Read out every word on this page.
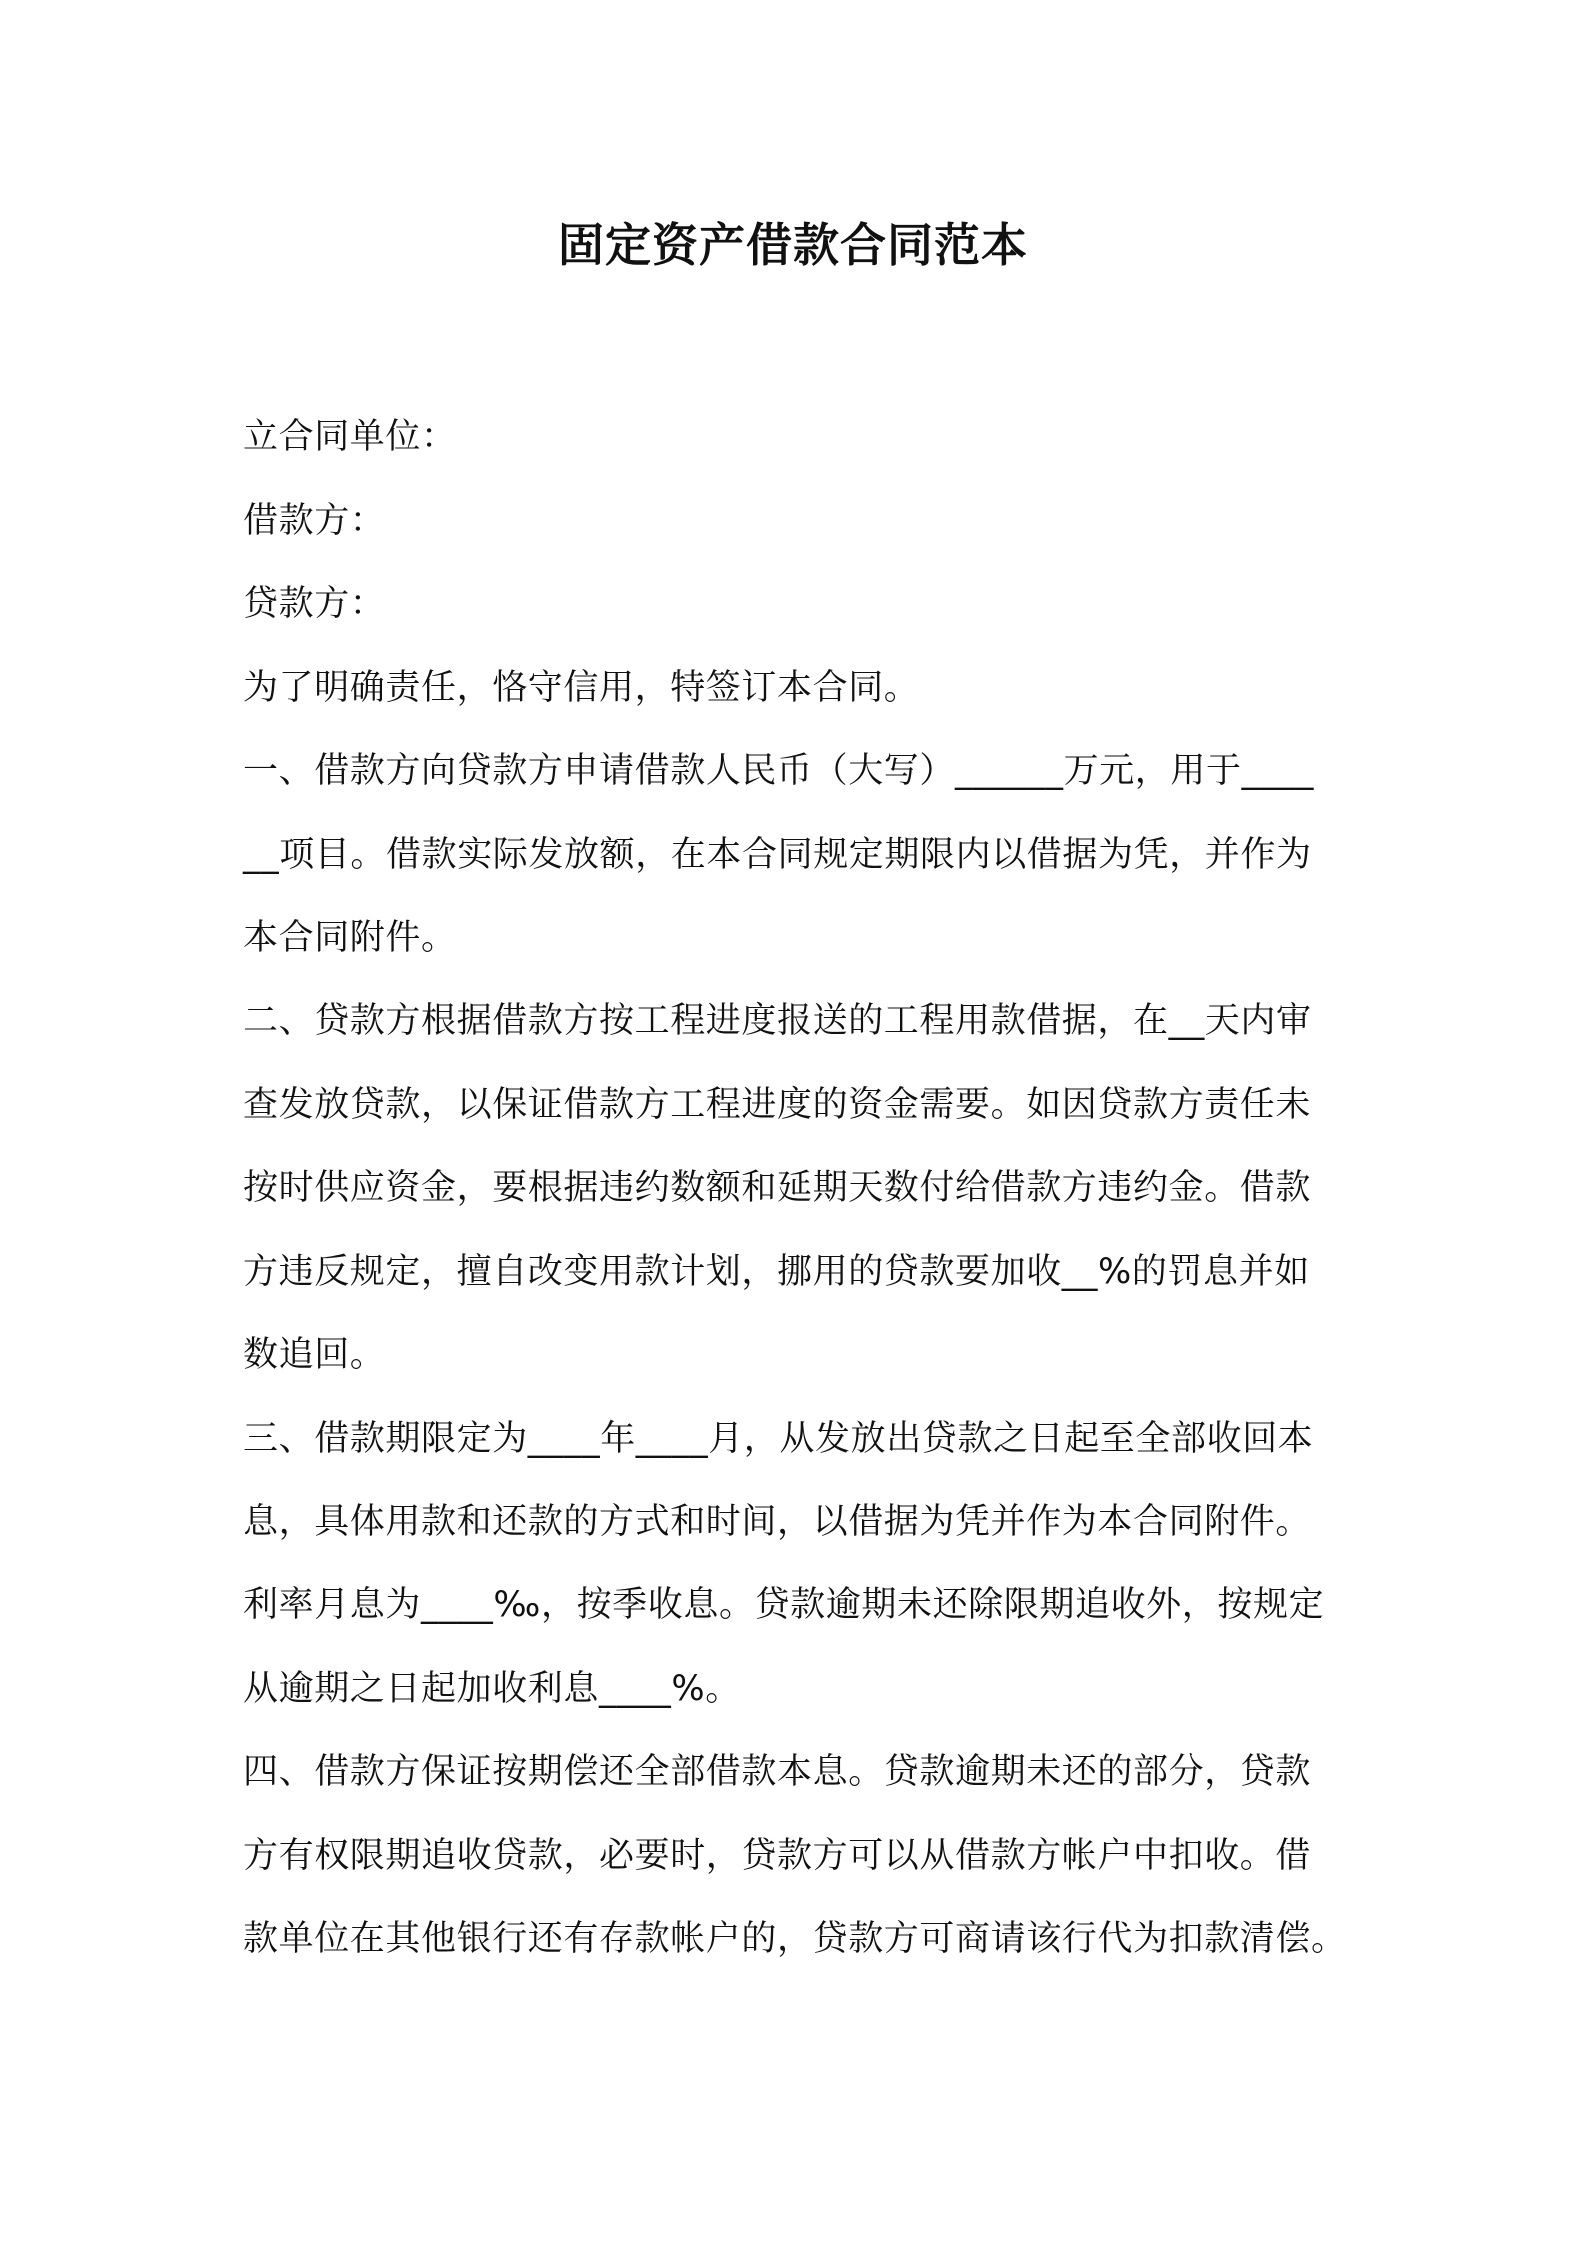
固定资产借款合同范本
立合同单位：
借款方：
贷款方：
为了明确责任，恪守信用，特签订本合同。
一、借款方向贷款方申请借款人民币（大写）______万元，用于____
__项目。借款实际发放额，在本合同规定期限内以借据为凭，并作为
本合同附件。
二、贷款方根据借款方按工程进度报送的工程用款借据，在__天内审
查发放贷款，以保证借款方工程进度的资金需要。如因贷款方责任未
按时供应资金，要根据违约数额和延期天数付给借款方违约金。借款
方违反规定，擅自改变用款计划，挪用的贷款要加收__%的罚息并如
数追回。
三、借款期限定为____年____月，从发放出贷款之日起至全部收回本
息，具体用款和还款的方式和时间，以借据为凭并作为本合同附件。
利率月息为____‰，按季收息。贷款逾期未还除限期追收外，按规定
从逾期之日起加收利息____%。
四、借款方保证按期偿还全部借款本息。贷款逾期未还的部分，贷款
方有权限期追收贷款，必要时，贷款方可以从借款方帐户中扣收。借
款单位在其他银行还有存款帐户的，贷款方可商请该行代为扣款清偿。
